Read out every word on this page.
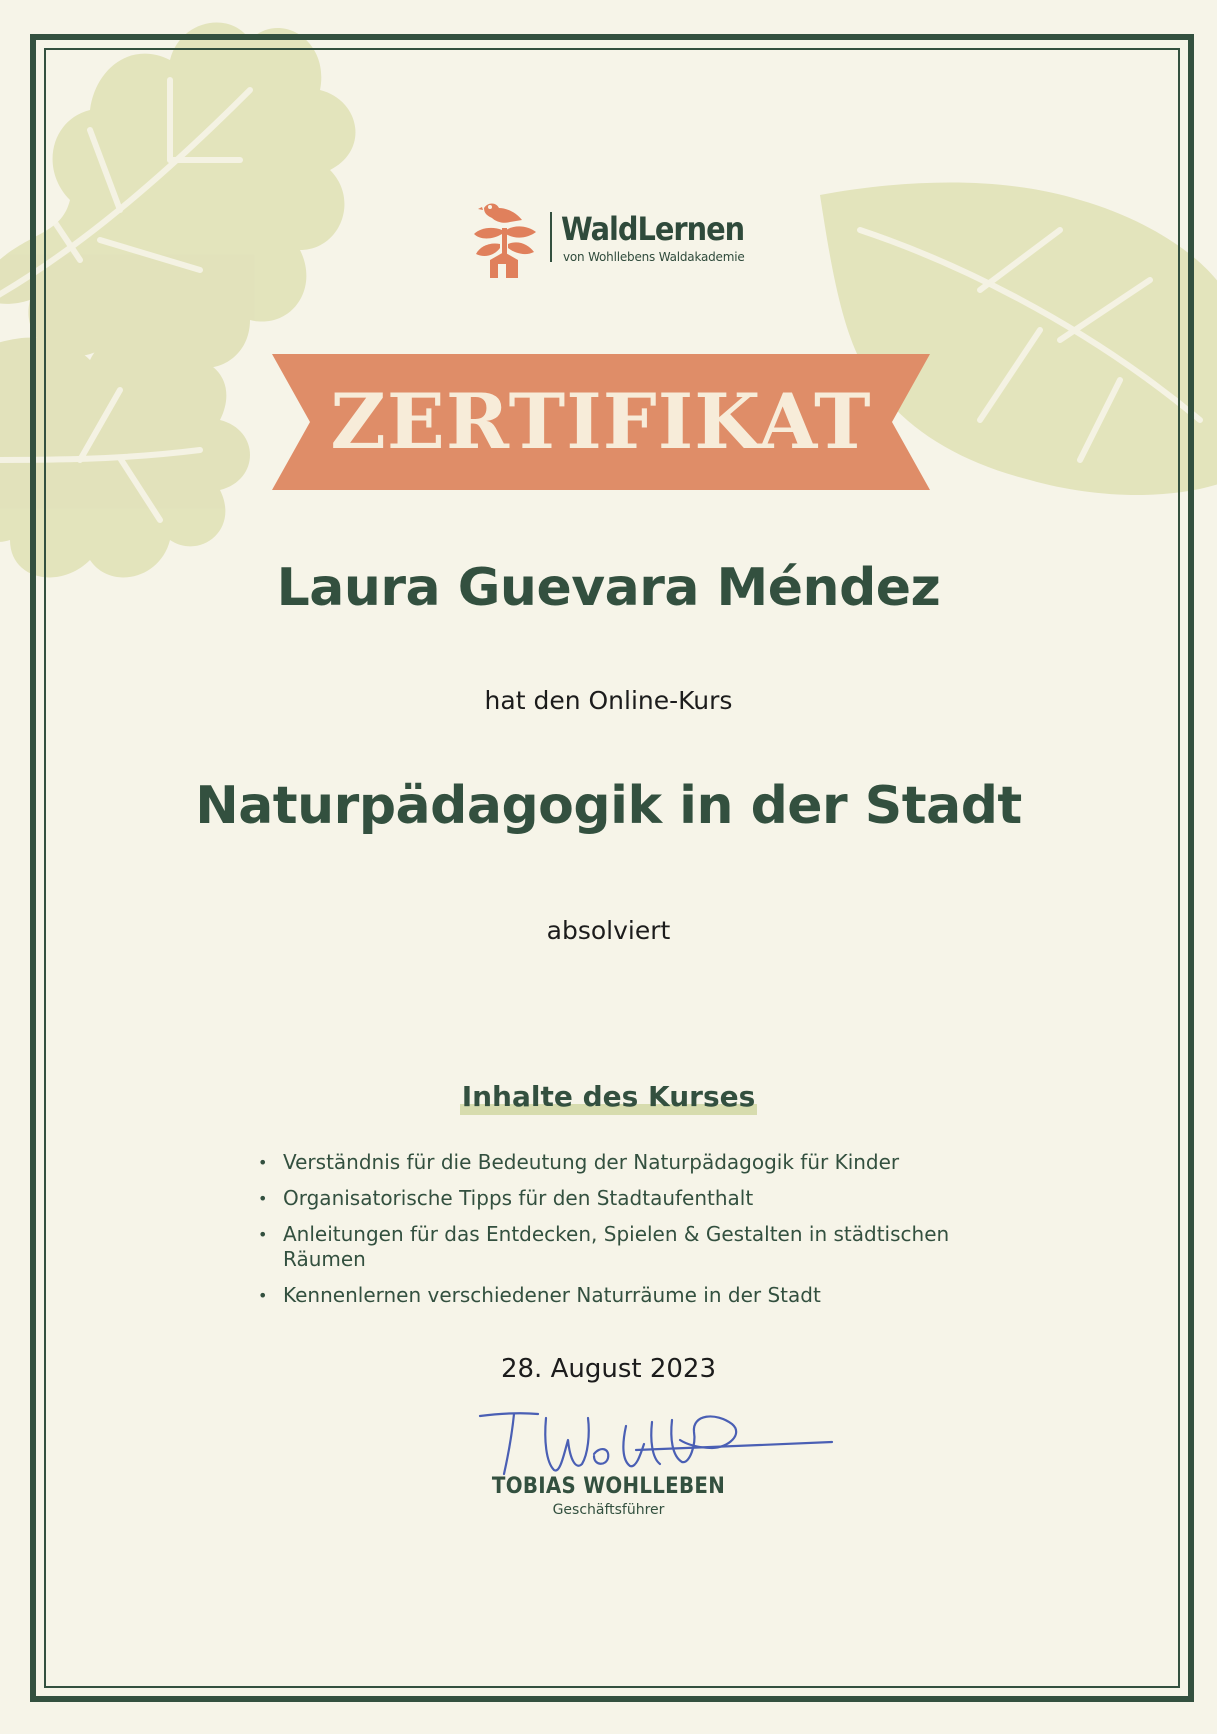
WaldLernen
von Wohllebens Waldakademie
ZERTIFIKAT
Laura Guevara Méndez
hat den Online-Kurs
Naturpädagogik in der Stadt
absolviert
Inhalte des Kurses
• Verständnis für die Bedeutung der Naturpädagogik für Kinder
• Organisatorische Tipps für den Stadtaufenthalt
• Anleitungen für das Entdecken, Spielen & Gestalten in städtischen Räumen
• Kennenlernen verschiedener Naturräume in der Stadt
28. August 2023
TOBIAS WOHLLEBEN
Geschäftsführer
